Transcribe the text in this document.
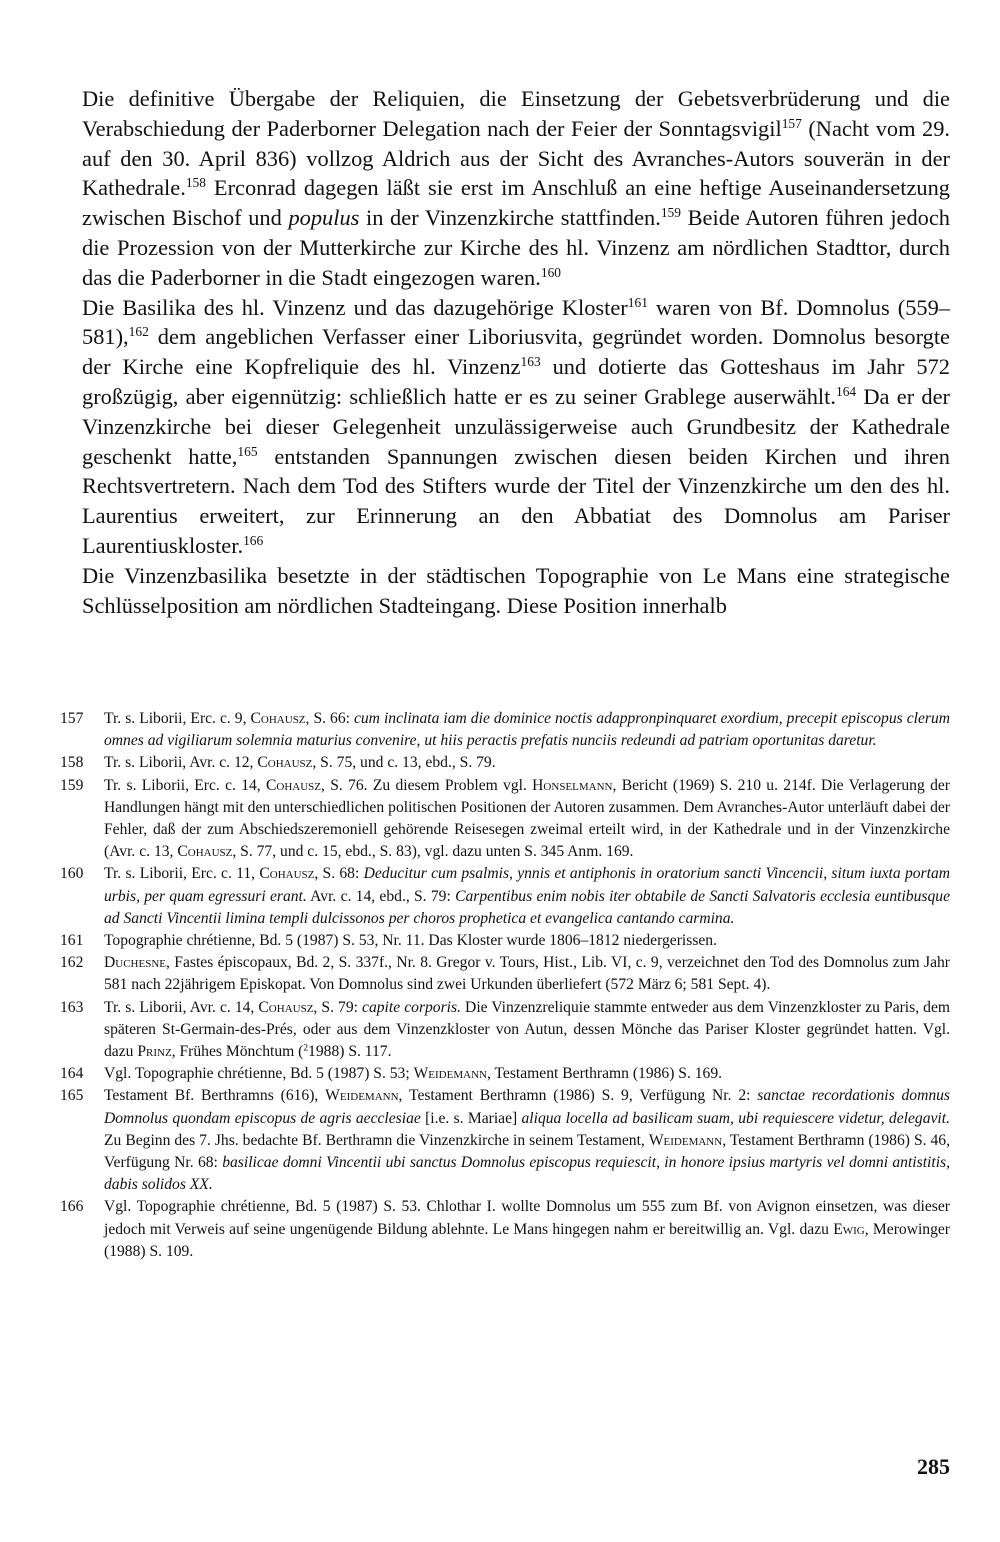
Die definitive Übergabe der Reliquien, die Einsetzung der Gebetsverbrüderung und die Verabschiedung der Paderborner Delegation nach der Feier der Sonntagsvigil$^{157}$ (Nacht vom 29. auf den 30. April 836) vollzog Aldrich aus der Sicht des Avranches-Autors souverän in der Kathedrale.$^{158}$ Erconrad dagegen läßt sie erst im Anschluß an eine heftige Auseinandersetzung zwischen Bischof und populus in der Vinzenzkirche stattfinden.$^{159}$ Beide Autoren führen jedoch die Prozession von der Mutterkirche zur Kirche des hl. Vinzenz am nördlichen Stadttor, durch das die Paderborner in die Stadt eingezogen waren.$^{160}$

Die Basilika des hl. Vinzenz und das dazugehörige Kloster$^{161}$ waren von Bf. Domnolus (559–581),$^{162}$ dem angeblichen Verfasser einer Liboriusvita, gegründet worden. Domnolus besorgte der Kirche eine Kopfreliquie des hl. Vinzenz$^{163}$ und dotierte das Gotteshaus im Jahr 572 großzügig, aber eigennützig: schließlich hatte er es zu seiner Grablege auserwählt.$^{164}$ Da er der Vinzenzkirche bei dieser Gelegenheit unzulässigerweise auch Grundbesitz der Kathedrale geschenkt hatte,$^{165}$ entstanden Spannungen zwischen diesen beiden Kirchen und ihren Rechtsvertretern. Nach dem Tod des Stifters wurde der Titel der Vinzenzkirche um den des hl. Laurentius erweitert, zur Erinnerung an den Abbatiat des Domnolus am Pariser Laurentiuskloster.$^{166}$

Die Vinzenzbasilika besetzte in der städtischen Topographie von Le Mans eine strategische Schlüsselposition am nördlichen Stadteingang. Diese Position innerhalb

157 Tr. s. Liborii, Erc. c. 9, Cohausz, S. 66: cum inclinata iam die dominice noctis adappronpinquaret exordium, precepit episcopus clerum omnes ad vigiliarum solemnia maturius convenire, ut hiis peractis prefatis nunciis redeundi ad patriam oportunitas daretur.

158 Tr. s. Liborii, Avr. c. 12, Cohausz, S. 75, und c. 13, ebd., S. 79.

159 Tr. s. Liborii, Erc. c. 14, Cohausz, S. 76. Zu diesem Problem vgl. Honselmann, Bericht (1969) S. 210 u. 214f. Die Verlagerung der Handlungen hängt mit den unterschiedlichen politischen Positionen der Autoren zusammen. Dem Avranches-Autor unterläuft dabei der Fehler, daß der zum Abschiedszeremoniell gehörende Reisesegen zweimal erteilt wird, in der Kathedrale und in der Vinzenzkirche (Avr. c. 13, Cohausz, S. 77, und c. 15, ebd., S. 83), vgl. dazu unten S. 345 Anm. 169.

160 Tr. s. Liborii, Erc. c. 11, Cohausz, S. 68: Deducitur cum psalmis, ynnis et antiphonis in oratorium sancti Vincencii, situm iuxta portam urbis, per quam egressuri erant. Avr. c. 14, ebd., S. 79: Carpentibus enim nobis iter obtabile de Sancti Salvatoris ecclesia euntibusque ad Sancti Vincentii limina templi dulcissonos per choros prophetica et evangelica cantando carmina.

161 Topographie chrétienne, Bd. 5 (1987) S. 53, Nr. 11. Das Kloster wurde 1806–1812 niedergerissen.

162 Duchesne, Fastes épiscopaux, Bd. 2, S. 337f., Nr. 8. Gregor v. Tours, Hist., Lib. VI, c. 9, verzeichnet den Tod des Domnolus zum Jahr 581 nach 22jährigem Episkopat. Von Domnolus sind zwei Urkunden überliefert (572 März 6; 581 Sept. 4).

163 Tr. s. Liborii, Avr. c. 14, Cohausz, S. 79: capite corporis. Die Vinzenzreliquie stammte entweder aus dem Vinzenzkloster zu Paris, dem späteren St-Germain-des-Prés, oder aus dem Vinzenzkloster von Autun, dessen Mönche das Pariser Kloster gegründet hatten. Vgl. dazu Prinz, Frühes Mönchtum ($^2$1988) S. 117.

164 Vgl. Topographie chrétienne, Bd. 5 (1987) S. 53; Weidemann, Testament Berthramn (1986) S. 169.

165 Testament Bf. Berthramns (616), Weidemann, Testament Berthramn (1986) S. 9, Verfügung Nr. 2: sanctae recordationis domnus Domnolus quondam episcopus de agris aecclesiae [i.e. s. Mariae] aliqua locella ad basilicam suam, ubi requiescere videtur, delegavit. Zu Beginn des 7. Jhs. bedachte Bf. Berthramn die Vinzenzkirche in seinem Testament, Weidemann, Testament Berthramn (1986) S. 46, Verfügung Nr. 68: basilicae domni Vincentii ubi sanctus Domnolus episcopus requiescit, in honore ipsius martyris vel domni antistitis, dabis solidos XX.

166 Vgl. Topographie chrétienne, Bd. 5 (1987) S. 53. Chlothar I. wollte Domnolus um 555 zum Bf. von Avignon einsetzen, was dieser jedoch mit Verweis auf seine ungenügende Bildung ablehnte. Le Mans hingegen nahm er bereitwillig an. Vgl. dazu Ewig, Merowinger (1988) S. 109.

285
